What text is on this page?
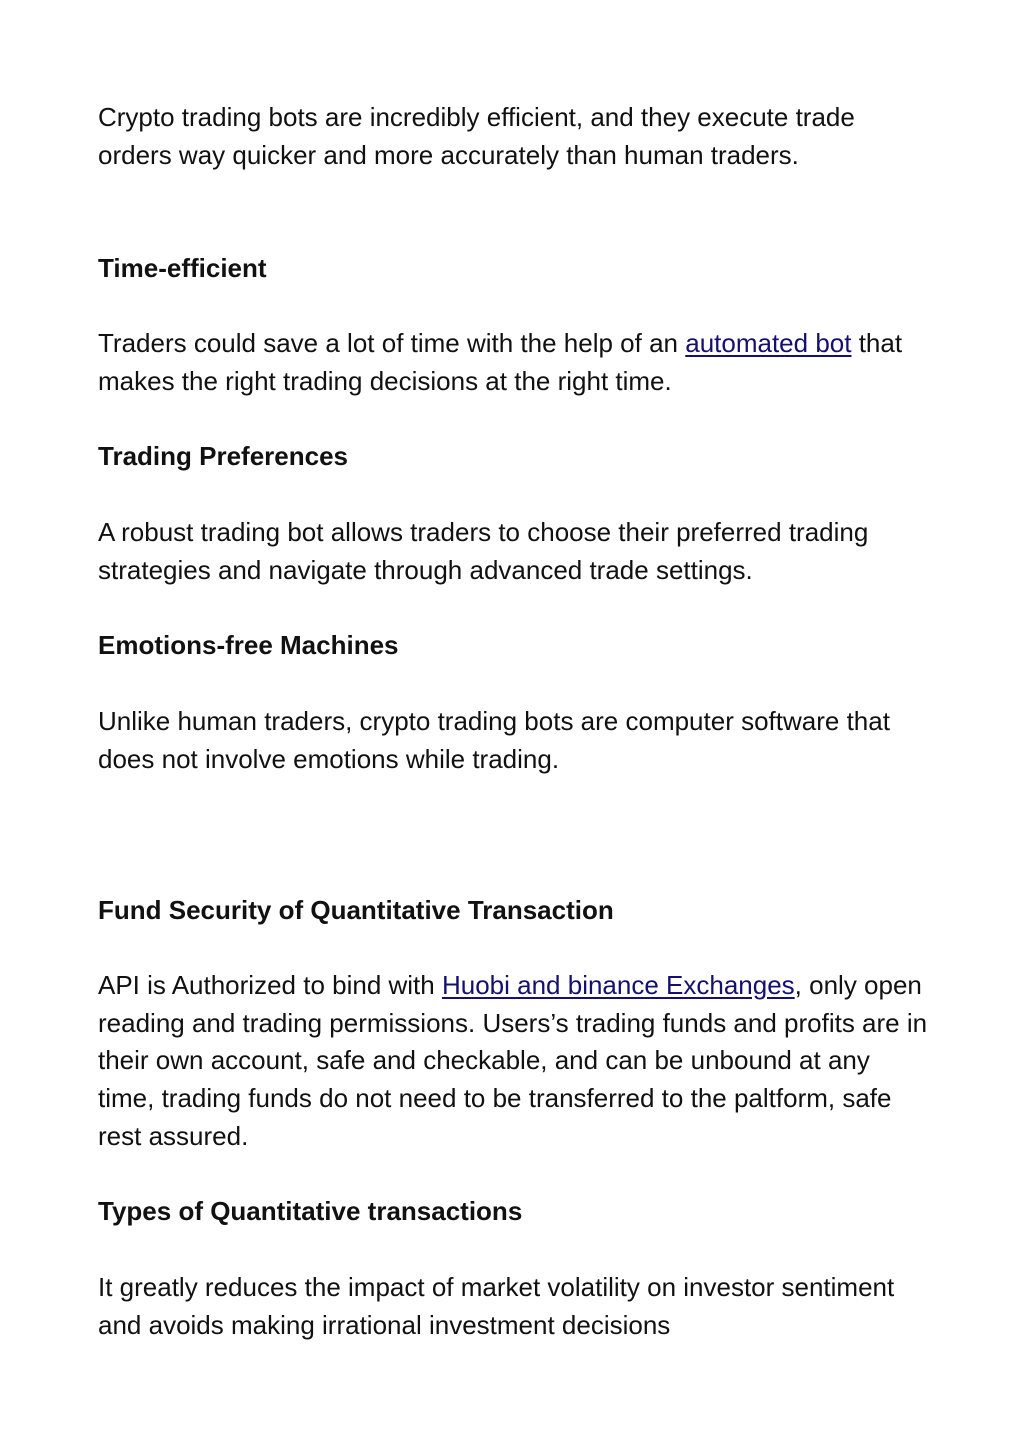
Crypto trading bots are incredibly efficient, and they execute trade orders way quicker and more accurately than human traders.

Time-efficient

Traders could save a lot of time with the help of an automated bot that makes the right trading decisions at the right time.

Trading Preferences

A robust trading bot allows traders to choose their preferred trading strategies and navigate through advanced trade settings.

Emotions-free Machines

Unlike human traders, crypto trading bots are computer software that does not involve emotions while trading.

Fund Security of Quantitative Transaction

API is Authorized to bind with Huobi and binance Exchanges, only open reading and trading permissions. Users’s trading funds and profits are in their own account, safe and checkable, and can be unbound at any time, trading funds do not need to be transferred to the paltform, safe rest assured.

Types of Quantitative transactions

It greatly reduces the impact of market volatility on investor sentiment and avoids making irrational investment decisions
